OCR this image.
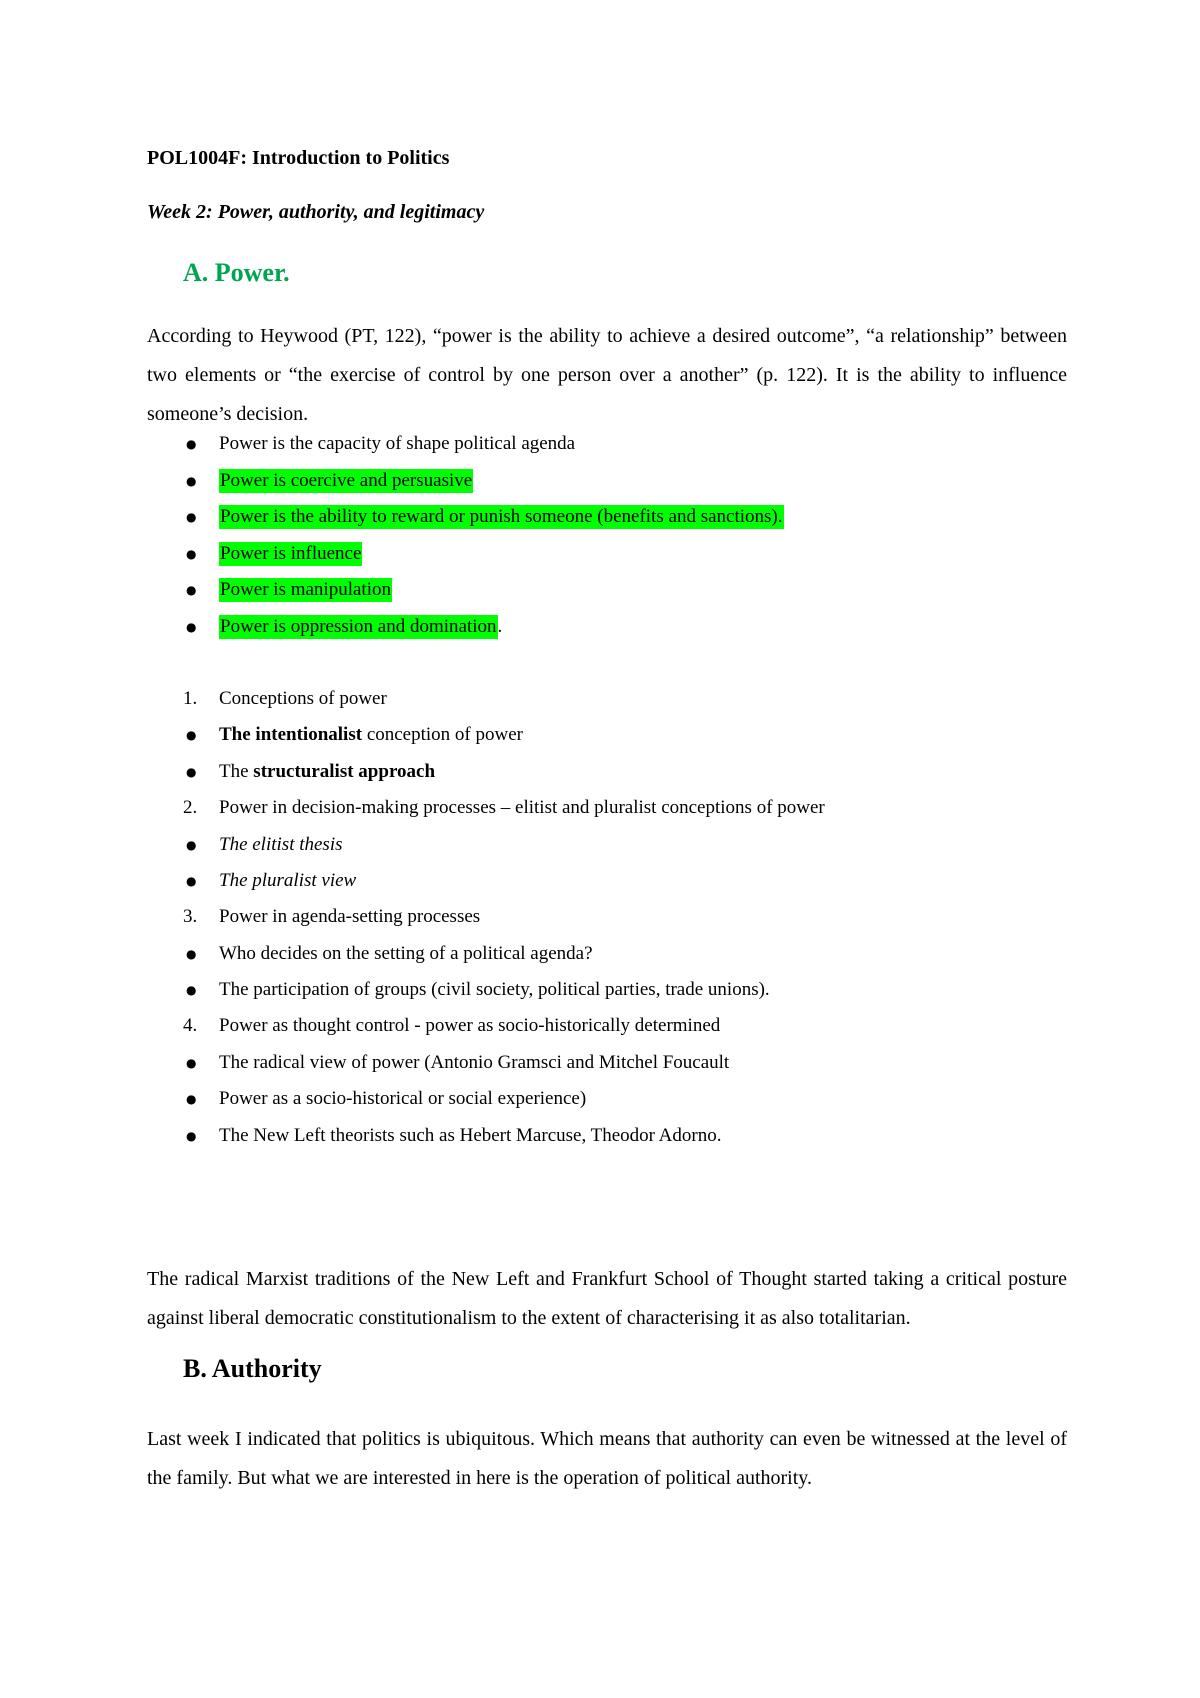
POL1004F: Introduction to Politics
Week 2: Power, authority, and legitimacy
A. Power.
According to Heywood (PT, 122), “power is the ability to achieve a desired outcome”, “a relationship” between two elements or “the exercise of control by one person over a another” (p. 122). It is the ability to influence someone’s decision.
●	Power is the capacity of shape political agenda
●	Power is coercive and persuasive
●	Power is the ability to reward or punish someone (benefits and sanctions).
●	Power is influence
●	Power is manipulation
●	Power is oppression and domination.
1.	Conceptions of power
●	The intentionalist conception of power
●	The structuralist approach
2.	Power in decision-making processes – elitist and pluralist conceptions of power
●	The elitist thesis
●	The pluralist view
3.	Power in agenda-setting processes
●	Who decides on the setting of a political agenda?
●	The participation of groups (civil society, political parties, trade unions).
4.	Power as thought control - power as socio-historically determined
●	The radical view of power (Antonio Gramsci and Mitchel Foucault
●	Power as a socio-historical or social experience)
●	The New Left theorists such as Hebert Marcuse, Theodor Adorno.
The radical Marxist traditions of the New Left and Frankfurt School of Thought started taking a critical posture against liberal democratic constitutionalism to the extent of characterising it as also totalitarian.
B. Authority
Last week I indicated that politics is ubiquitous. Which means that authority can even be witnessed at the level of the family. But what we are interested in here is the operation of political authority.
